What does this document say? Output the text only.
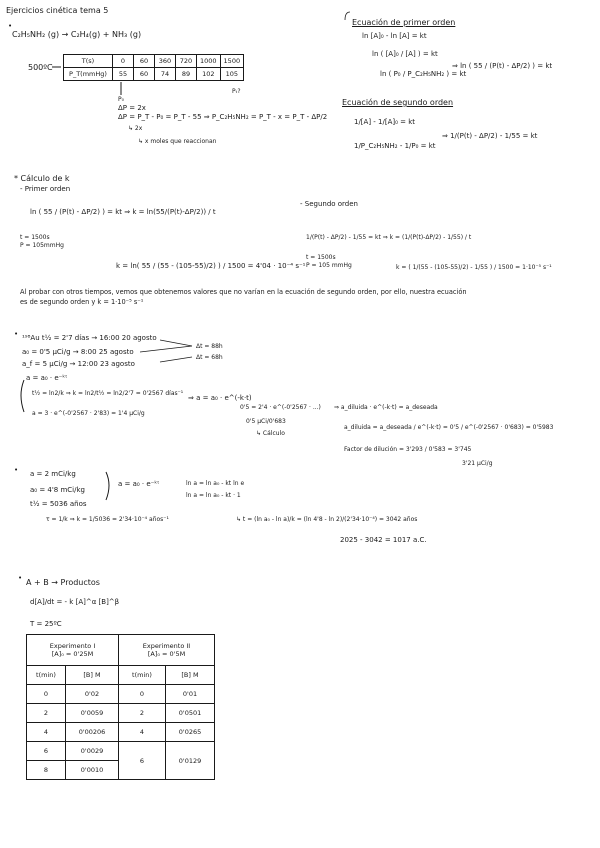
Ejercicios cinética tema 5
•
C₂H₅NH₂ (g) → C₂H₄(g) + NH₃ (g)
500ºC
T(s)	0	60	360	720	1000	1500
P_T(mmHg)	55	60	74	89	102	105
P₀
Pₜ?
ΔP = 2x
ΔP = P_T - P₀ = P_T - 55 ⇒ P_C₂H₅NH₂ = P_T - x = P_T - ΔP/2
↳ 2x
↳ x moles que reaccionan
Ecuación de primer orden
ln [A]₀ - ln [A] = kt
ln ( [A]₀ / [A] ) = kt
ln ( P₀ / P_C₂H₅NH₂ ) = kt
⇒ ln ( 55 / (P(t) - ΔP/2) ) = kt
Ecuación de segundo orden
1/[A] - 1/[A]₀ = kt
1/P_C₂H₅NH₂ - 1/P₀ = kt
⇒ 1/(P(t) - ΔP/2) - 1/55 = kt
* Cálculo de k
- Primer orden
ln ( 55 / (P(t) - ΔP/2) ) = kt ⇒ k = ln(55/(P(t)-ΔP/2)) / t
t = 1500s
P = 105mmHg
k = ln( 55 / (55 - (105-55)/2) ) / 1500 = 4'04 · 10⁻⁴ s⁻¹
- Segundo orden
1/(P(t) - ΔP/2) - 1/55 = kt ⇒ k = (1/(P(t)-ΔP/2) - 1/55) / t
t = 1500s
P = 105 mmHg	k = ( 1/(55 - (105-55)/2) - 1/55 ) / 1500 = 1·10⁻⁵ s⁻¹
Al probar con otros tiempos, vemos que obtenemos valores que no varían en la ecuación de segundo orden, por ello, nuestra ecuación
es de segundo orden y k = 1·10⁻⁵ s⁻¹
• ¹⁹⁸Au t½ = 2'7 días → 16:00 20 agosto
a₀ = 0'5 μCi/g → 8:00 25 agosto
a_f = 5 μCi/g → 12:00 23 agosto
Δt = 88h
Δt = 68h
a = a₀ · e⁻ᵏᵗ
t½ = ln2/k ⇒ k = ln2/t½ = ln2/2'7 = 0'2567 días⁻¹
a = 3 · e^(-0'2567 · 2'83) = 1'4 μCi/g
⇒ a = a₀ · e^(-k·t)
0'5 = 2'4 · e^(-0'2567 · ...)
0'5 μCi/0'683
↳ Cálculo
⇒ a_diluida · e^(-k·t) = a_deseada
a_diluida = a_deseada / e^(-k·t) = 0'5 / e^(-0'2567 · 0'683) = 0'5983
Factor de dilución = 3'293 / 0'583 = 3'745
3'21 μCi/g
• a = 2 mCi/kg
a₀ = 4'8 mCi/kg
t½ = 5036 años
a = a₀ · e⁻ᵏᵗ	ln a = ln a₀ - kt ln e
ln a = ln a₀ - kt · 1
τ = 1/k ⇒ k = 1/5036 = 2'34·10⁻⁴ años⁻¹	↳ t = (ln a₀ - ln a)/k = (ln 4'8 - ln 2)/(2'34·10⁻⁴) = 3042 años
2025 - 3042 = 1017 a.C.
• A + B → Productos
d[A]/dt = - k [A]^α [B]^β
T = 25ºC
Experimento I
[A]₀ = 0'25M		Experimento II
[A]₀ = 0'5M	
t(min)	[B] M	t(min)	[B] M
0	0'02	0	0'01
2	0'0059	2	0'0501
4	0'00206	4	0'0265
6	0'0029	6	0'0129
8	0'0010		
